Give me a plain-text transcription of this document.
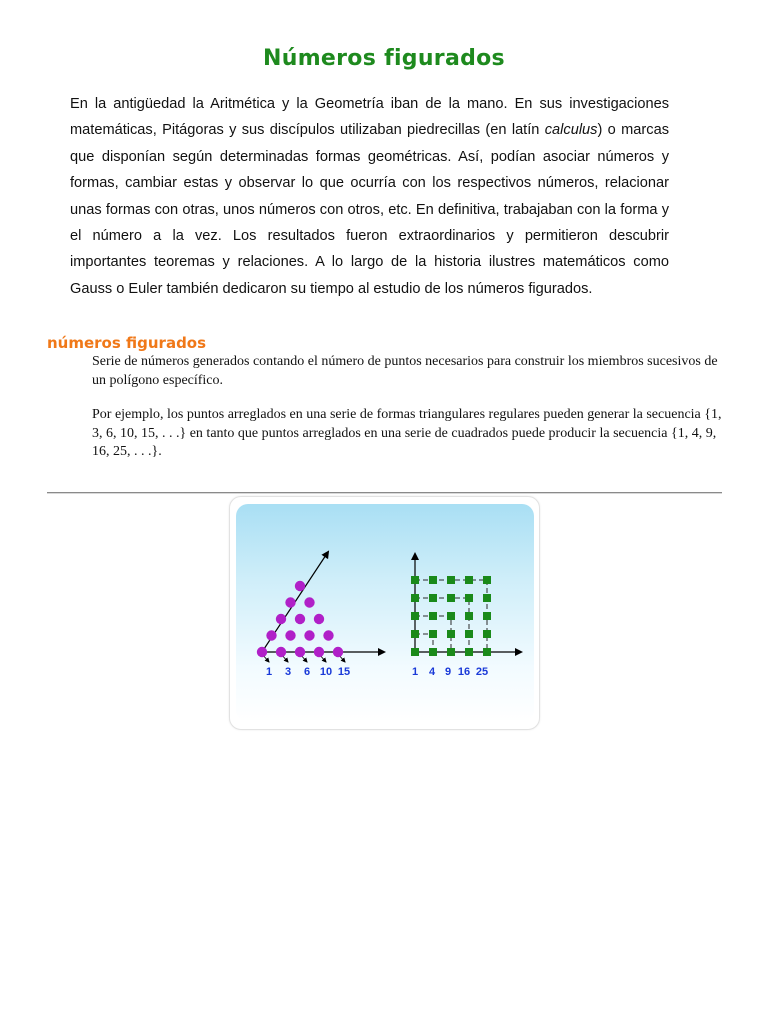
Números figurados
En la antigüedad la Aritmética y la Geometría iban de la mano. En sus investigaciones matemáticas, Pitágoras y sus discípulos utilizaban piedrecillas (en latín calculus) o marcas que disponían según determinadas formas geométricas. Así, podían asociar números y formas, cambiar estas y observar lo que ocurría con los respectivos números, relacionar unas formas con otras, unos números con otros, etc. En definitiva, trabajaban con la forma y el número a la vez. Los resultados fueron extraordinarios y permitieron descubrir importantes teoremas y relaciones. A lo largo de la historia ilustres matemáticos como Gauss o Euler también dedicaron su tiempo al estudio de los números figurados.
números figurados

Serie de números generados contando el número de puntos necesarios para construir los miembros sucesivos de un polígono específico.

Por ejemplo, los puntos arreglados en una serie de formas triangulares regulares pueden generar la secuencia {1, 3, 6, 10, 15, . . .} en tanto que puntos arreglados en una serie de cuadrados puede producir la secuencia {1, 4, 9, 16, 25, . . .}.

1 3 6 10 15	1 4 9 16 25
